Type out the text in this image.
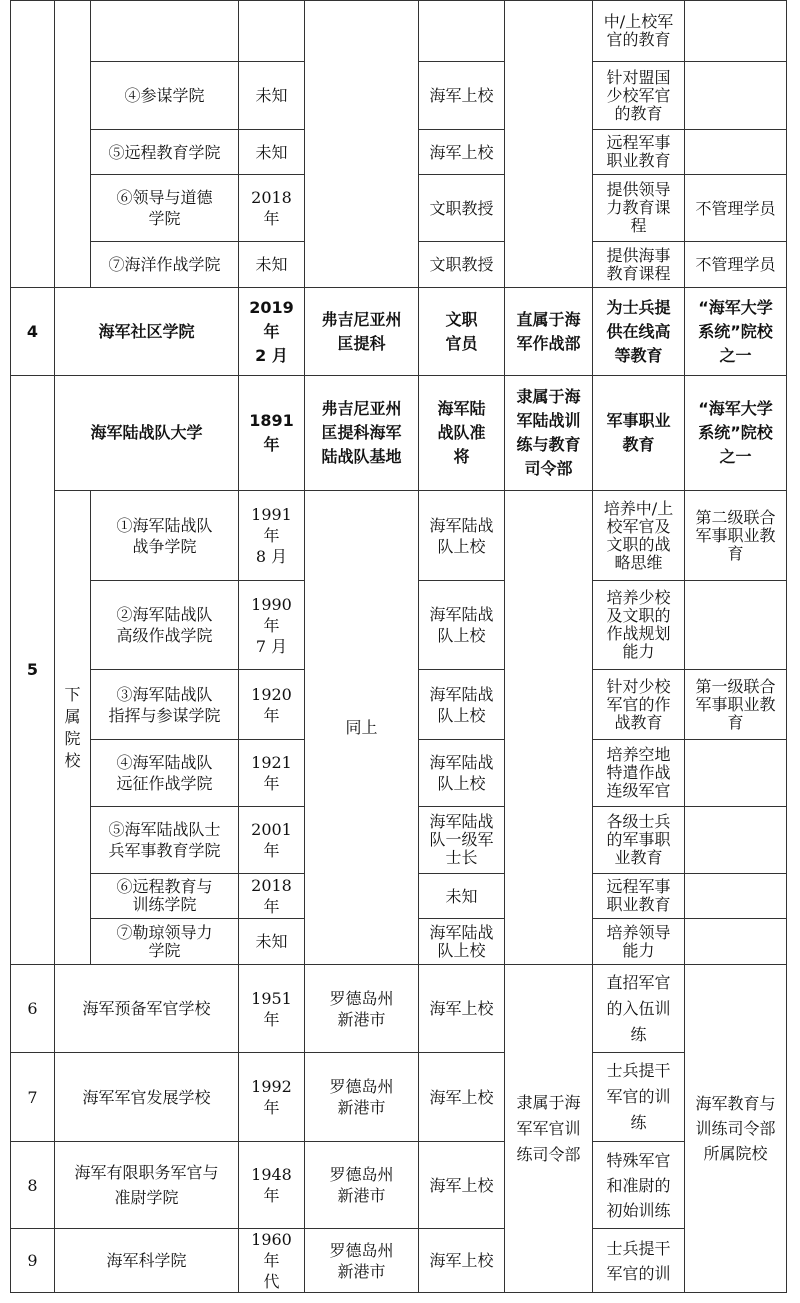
							中/上校军
官的教育	
		④参谋学院	未知		海军上校		针对盟国
少校军官
的教育	
		⑤远程教育学院	未知		海军上校		远程军事
职业教育	
		⑥领导与道德
学院	2018 年		文职教授		提供领导
力教育课
程	不管理学员
		⑦海洋作战学院	未知		文职教授		提供海事
教育课程	不管理学员
4	海军社区学院		2019 年
2 月	弗吉尼亚州
匡提科	文职
官员	直属于海
军作战部	为士兵提
供在线高
等教育	“海军大学
系统”院校
之一
5	海军陆战队大学		1891 年	弗吉尼亚州
匡提科海军
陆战队基地	海军陆
战队准
将	隶属于海
军陆战训
练与教育
司令部	军事职业
教育	“海军大学
系统”院校
之一
	下
属
院
校	①海军陆战队
战争学院	1991 年
8 月	同上	海军陆战
队上校		培养中/上
校军官及
文职的战
略思维	第二级联合
军事职业教
育
		②海军陆战队
高级作战学院	1990 年
7 月		海军陆战
队上校		培养少校
及文职的
作战规划
能力	
		③海军陆战队
指挥与参谋学院	1920 年		海军陆战
队上校		针对少校
军官的作
战教育	第一级联合
军事职业教
育
		④海军陆战队
远征作战学院	1921 年		海军陆战
队上校		培养空地
特遣作战
连级军官	
		⑤海军陆战队士
兵军事教育学院	2001 年		海军陆战
队一级军
士长		各级士兵
的军事职
业教育	
		⑥远程教育与
训练学院	2018 年		未知		远程军事
职业教育	
		⑦勒琼领导力
学院	未知		海军陆战
队上校		培养领导
能力	
6	海军预备军官学校		1951 年	罗德岛州
新港市	海军上校	隶属于海
军军官训
练司令部	直招军官
的入伍训
练	海军教育与
训练司令部
所属院校
7	海军军官发展学校		1992 年	罗德岛州
新港市	海军上校		士兵提干
军官的训
练	
8	海军有限职务军官与
准尉学院		1948 年	罗德岛州
新港市	海军上校		特殊军官
和准尉的
初始训练	
9	海军科学院		1960 年
代	罗德岛州
新港市	海军上校		士兵提干
军官的训	
